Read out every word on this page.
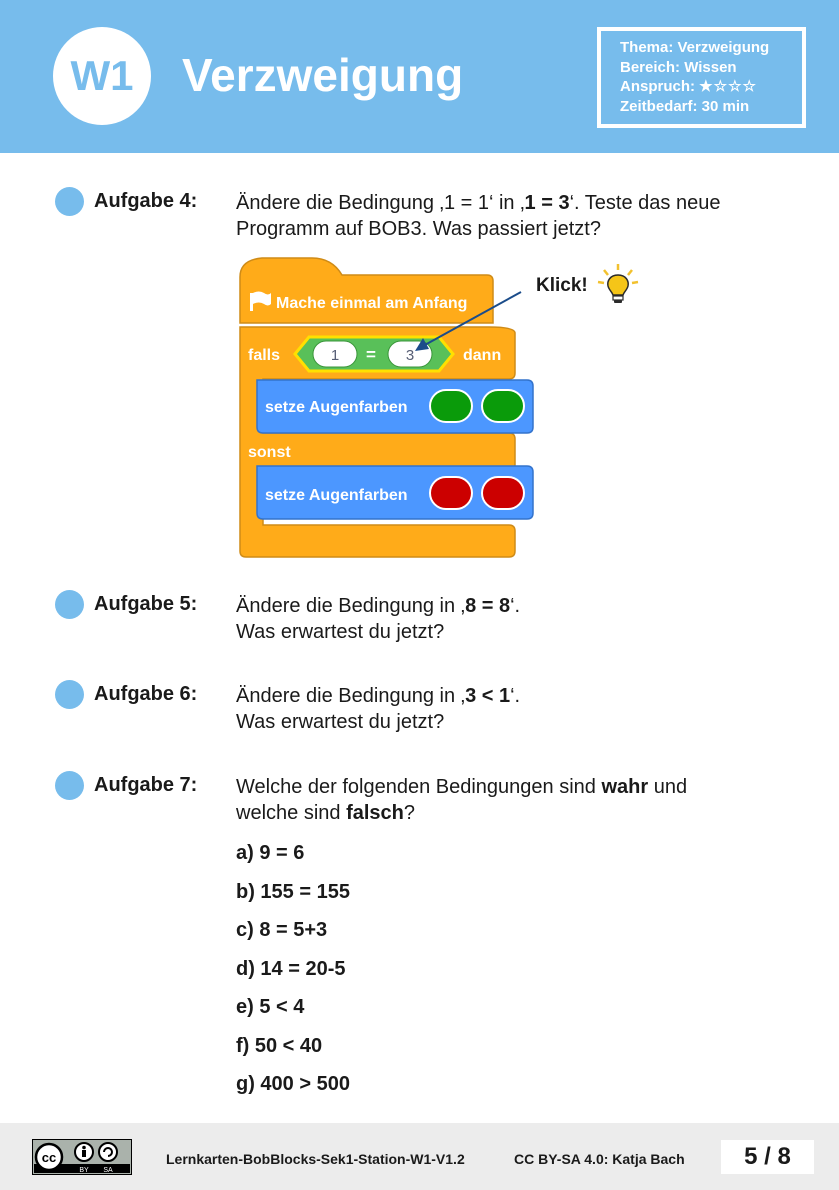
W1	Verzweigung
Thema: Verzweigung
Bereich: Wissen
Anspruch: ★☆☆☆
Zeitbedarf: 30 min
Aufgabe 4: Ändere die Bedingung ‚1 = 1‘ in ‚1 = 3‘. Teste das neue
Programm auf BOB3. Was passiert jetzt?
Mache einmal am Anfang
falls	1 = 3	dann
setze Augenfarben
sonst
setze Augenfarben
Klick!
Aufgabe 5: Ändere die Bedingung in ‚8 = 8‘.
Was erwartest du jetzt?
Aufgabe 6: Ändere die Bedingung in ‚3 < 1‘.
Was erwartest du jetzt?
Aufgabe 7: Welche der folgenden Bedingungen sind wahr und
welche sind falsch?
a) 9 = 6
b) 155 = 155
c) 8 = 5+3
d) 14 = 20-5
e) 5 < 4
f) 50 < 40
g) 400 > 500
cc
BY SA
Lernkarten-BobBlocks-Sek1-Station-W1-V1.2	CC BY-SA 4.0: Katja Bach	5 / 8
